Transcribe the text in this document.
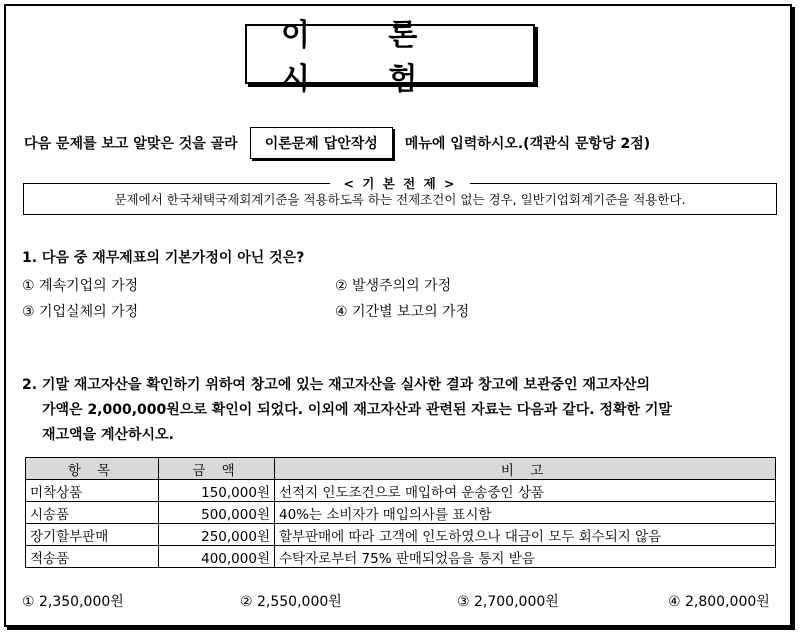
이 론 시 험
다음 문제를 보고 알맞은 것을 골라	이론문제 답안작성	메뉴에 입력하시오.(객관식 문항당 2점)
문제에서 한국채택국제회계기준을 적용하도록 하는 전제조건이 없는 경우, 일반기업회계기준을 적용한다.
< 기 본 전 제 >
1. 다음 중 재무제표의 기본가정이 아닌 것은?
① 계속기업의 가정	② 발생주의의 가정
③ 기업실체의 가정	④ 기간별 보고의 가정
2. 기말 재고자산을 확인하기 위하여 창고에 있는 재고자산을 실사한 결과 창고에 보관중인 재고자산의
가액은 2,000,000원으로 확인이 되었다. 이외에 재고자산과 관련된 자료는 다음과 같다. 정확한 기말
재고액을 계산하시오.
항 목	금 액	비 고
미착상품	150,000원	선적지 인도조건으로 매입하여 운송중인 상품
시송품	500,000원	40%는 소비자가 매입의사를 표시함
장기할부판매	250,000원	할부판매에 따라 고객에 인도하였으나 대금이 모두 회수되지 않음
적송품	400,000원	수탁자로부터 75% 판매되었음을 통지 받음
① 2,350,000원	② 2,550,000원	③ 2,700,000원	④ 2,800,000원
